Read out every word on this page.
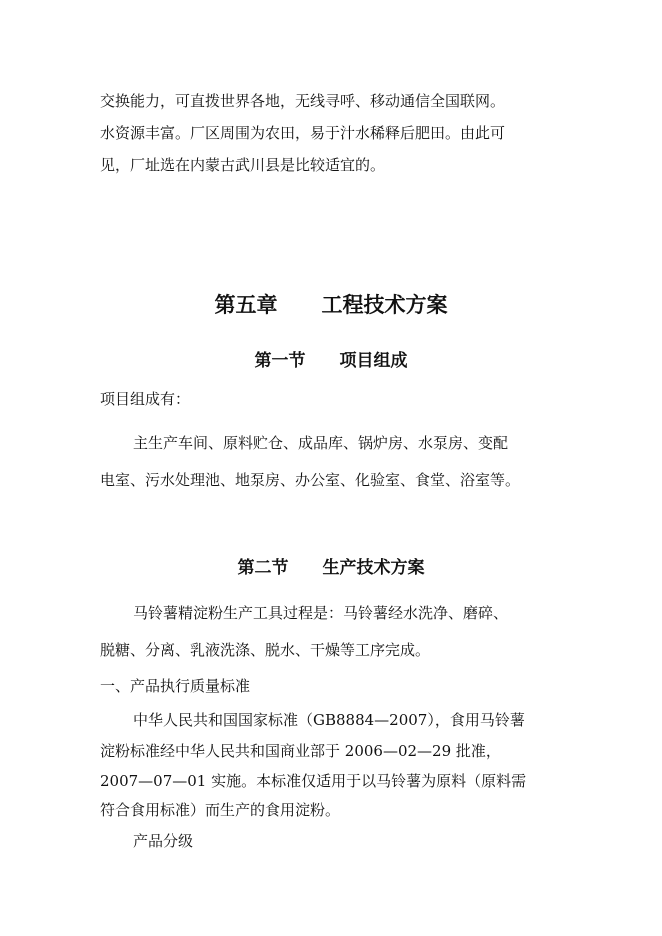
交换能力，可直拨世界各地，无线寻呼、移动通信全国联网。
水资源丰富。厂区周围为农田，易于汁水稀释后肥田。由此可
见，厂址选在内蒙古武川县是比较适宜的。
第五章 工程技术方案
第一节 项目组成
项目组成有：
主生产车间、原料贮仓、成品库、锅炉房、水泵房、变配
电室、污水处理池、地泵房、办公室、化验室、食堂、浴室等。
第二节 生产技术方案
马铃薯精淀粉生产工具过程是：马铃薯经水洗净、磨碎、
脱糖、分离、乳液洗涤、脱水、干燥等工序完成。
一、产品执行质量标准
中华人民共和国国家标准（GB8884—2007），食用马铃薯
淀粉标准经中华人民共和国商业部于 2006—02—29 批准，
2007—07—01 实施。本标准仅适用于以马铃薯为原料（原料需
符合食用标准）而生产的食用淀粉。
产品分级
